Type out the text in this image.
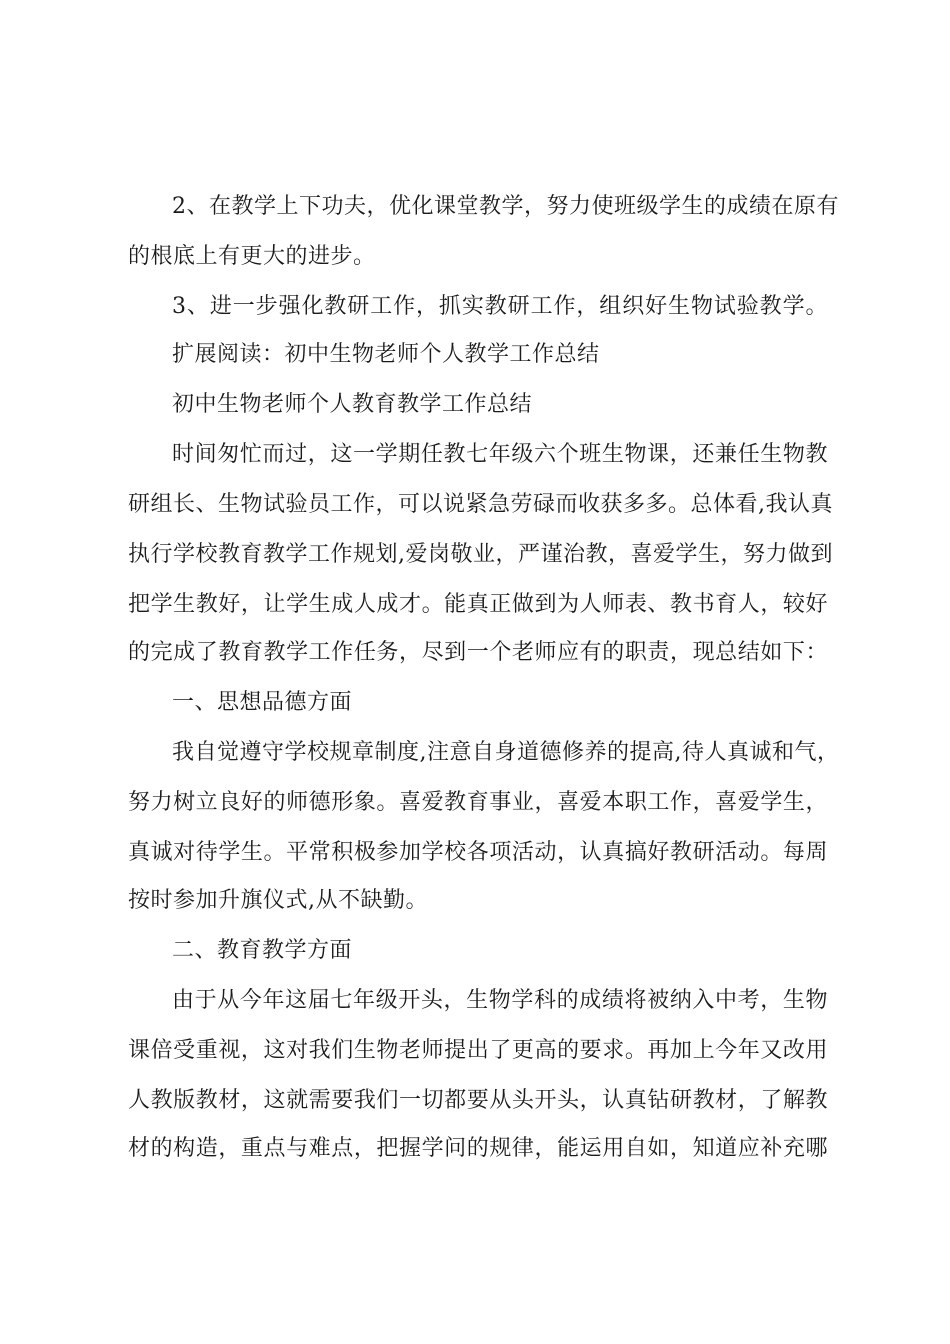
2、在教学上下功夫，优化课堂教学，努力使班级学生的成绩在原有
的根底上有更大的进步。
3、进一步强化教研工作，抓实教研工作，组织好生物试验教学。
扩展阅读：初中生物老师个人教学工作总结
初中生物老师个人教育教学工作总结
时间匆忙而过，这一学期任教七年级六个班生物课，还兼任生物教
研组长、生物试验员工作，可以说紧急劳碌而收获多多。总体看,我认真
执行学校教育教学工作规划,爱岗敬业，严谨治教，喜爱学生，努力做到
把学生教好，让学生成人成才。能真正做到为人师表、教书育人，较好
的完成了教育教学工作任务，尽到一个老师应有的职责，现总结如下：
一、思想品德方面
我自觉遵守学校规章制度,注意自身道德修养的提高,待人真诚和气，
努力树立良好的师德形象。喜爱教育事业，喜爱本职工作，喜爱学生，
真诚对待学生。平常积极参加学校各项活动，认真搞好教研活动。每周
按时参加升旗仪式,从不缺勤。
二、教育教学方面
由于从今年这届七年级开头，生物学科的成绩将被纳入中考，生物
课倍受重视，这对我们生物老师提出了更高的要求。再加上今年又改用
人教版教材，这就需要我们一切都要从头开头，认真钻研教材，了解教
材的构造，重点与难点，把握学问的规律，能运用自如，知道应补充哪
